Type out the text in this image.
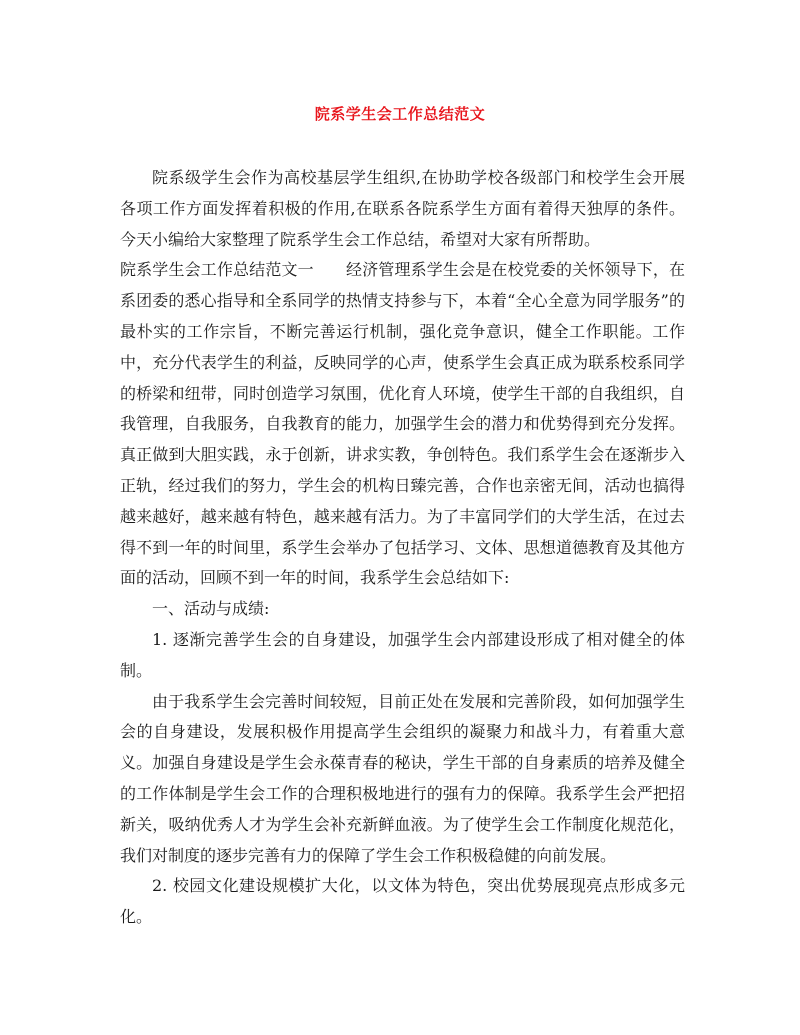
院系学生会工作总结范文

院系级学生会作为高校基层学生组织,在协助学校各级部门和校学生会开展各项工作方面发挥着积极的作用,在联系各院系学生方面有着得天独厚的条件。今天小编给大家整理了院系学生会工作总结，希望对大家有所帮助。

院系学生会工作总结范文一　　经济管理系学生会是在校党委的关怀领导下，在系团委的悉心指导和全系同学的热情支持参与下，本着“全心全意为同学服务”的最朴实的工作宗旨，不断完善运行机制，强化竞争意识，健全工作职能。工作中，充分代表学生的利益，反映同学的心声，使系学生会真正成为联系校系同学的桥梁和纽带，同时创造学习氛围，优化育人环境，使学生干部的自我组织，自我管理，自我服务，自我教育的能力，加强学生会的潜力和优势得到充分发挥。真正做到大胆实践，永于创新，讲求实教，争创特色。我们系学生会在逐渐步入正轨，经过我们的努力，学生会的机构日臻完善，合作也亲密无间，活动也搞得越来越好，越来越有特色，越来越有活力。为了丰富同学们的大学生活，在过去得不到一年的时间里，系学生会举办了包括学习、文体、思想道德教育及其他方面的活动，回顾不到一年的时间，我系学生会总结如下:

一、活动与成绩:

1. 逐渐完善学生会的自身建设，加强学生会内部建设形成了相对健全的体制。

由于我系学生会完善时间较短，目前正处在发展和完善阶段，如何加强学生会的自身建设，发展积极作用提高学生会组织的凝聚力和战斗力，有着重大意义。加强自身建设是学生会永葆青春的秘诀，学生干部的自身素质的培养及健全的工作体制是学生会工作的合理积极地进行的强有力的保障。我系学生会严把招新关，吸纳优秀人才为学生会补充新鲜血液。为了使学生会工作制度化规范化，我们对制度的逐步完善有力的保障了学生会工作积极稳健的向前发展。

2. 校园文化建设规模扩大化，以文体为特色，突出优势展现亮点形成多元化。
